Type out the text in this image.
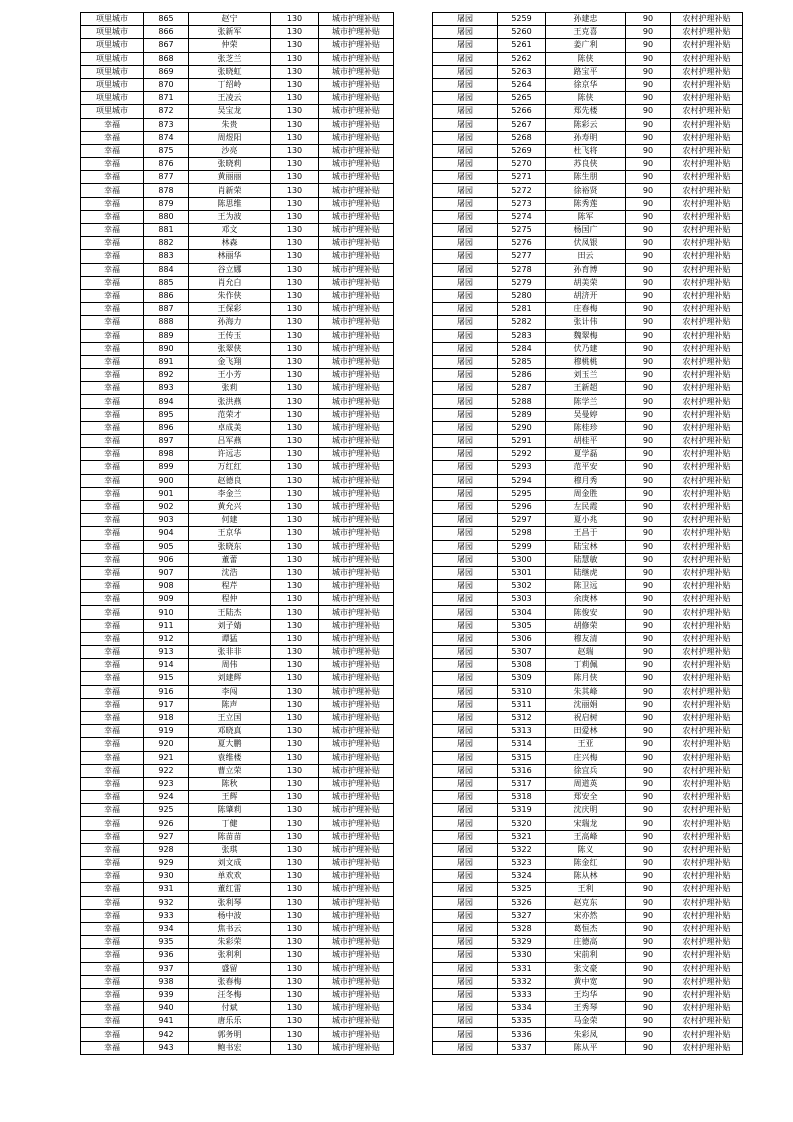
项里城市	865	赵宁	130	城市护理补贴
项里城市	866	张新军	130	城市护理补贴
项里城市	867	仲荣	130	城市护理补贴
项里城市	868	张芝兰	130	城市护理补贴
项里城市	869	张晓虹	130	城市护理补贴
项里城市	870	丁绍岭	130	城市护理补贴
项里城市	871	王凌云	130	城市护理补贴
项里城市	872	吴宝龙	130	城市护理补贴
幸福	873	朱贵	130	城市护理补贴
幸福	874	周煜阳	130	城市护理补贴
幸福	875	沙亮	130	城市护理补贴
幸福	876	张晓莉	130	城市护理补贴
幸福	877	黄丽丽	130	城市护理补贴
幸福	878	肖新荣	130	城市护理补贴
幸福	879	陈思维	130	城市护理补贴
幸福	880	王为波	130	城市护理补贴
幸福	881	邓文	130	城市护理补贴
幸福	882	林森	130	城市护理补贴
幸福	883	林丽华	130	城市护理补贴
幸福	884	谷立娜	130	城市护理补贴
幸福	885	肖允白	130	城市护理补贴
幸福	886	朱作侠	130	城市护理补贴
幸福	887	王保彩	130	城市护理补贴
幸福	888	孙海力	130	城市护理补贴
幸福	889	王传玉	130	城市护理补贴
幸福	890	张翠侠	130	城市护理补贴
幸福	891	金飞翔	130	城市护理补贴
幸福	892	王小芳	130	城市护理补贴
幸福	893	张莉	130	城市护理补贴
幸福	894	张洪燕	130	城市护理补贴
幸福	895	范荣才	130	城市护理补贴
幸福	896	卓成美	130	城市护理补贴
幸福	897	吕军燕	130	城市护理补贴
幸福	898	许远志	130	城市护理补贴
幸福	899	万红红	130	城市护理补贴
幸福	900	赵德良	130	城市护理补贴
幸福	901	李金兰	130	城市护理补贴
幸福	902	黄允兴	130	城市护理补贴
幸福	903	何建	130	城市护理补贴
幸福	904	王京华	130	城市护理补贴
幸福	905	张晓东	130	城市护理补贴
幸福	906	董蕾	130	城市护理补贴
幸福	907	沈浩	130	城市护理补贴
幸福	908	程芹	130	城市护理补贴
幸福	909	程仲	130	城市护理补贴
幸福	910	王陆杰	130	城市护理补贴
幸福	911	刘子婧	130	城市护理补贴
幸福	912	谭猛	130	城市护理补贴
幸福	913	张非非	130	城市护理补贴
幸福	914	周伟	130	城市护理补贴
幸福	915	刘建辉	130	城市护理补贴
幸福	916	李闯	130	城市护理补贴
幸福	917	陈声	130	城市护理补贴
幸福	918	王立国	130	城市护理补贴
幸福	919	邓晓真	130	城市护理补贴
幸福	920	夏大鹏	130	城市护理补贴
幸福	921	袁维楼	130	城市护理补贴
幸福	922	曹立荣	130	城市护理补贴
幸福	923	陈秋	130	城市护理补贴
幸福	924	王辉	130	城市护理补贴
幸福	925	陈肇莉	130	城市护理补贴
幸福	926	丁健	130	城市护理补贴
幸福	927	陈苗苗	130	城市护理补贴
幸福	928	张琪	130	城市护理补贴
幸福	929	刘文成	130	城市护理补贴
幸福	930	单欢欢	130	城市护理补贴
幸福	931	董红雷	130	城市护理补贴
幸福	932	张利琴	130	城市护理补贴
幸福	933	杨中波	130	城市护理补贴
幸福	934	焦书云	130	城市护理补贴
幸福	935	朱彩荣	130	城市护理补贴
幸福	936	张利利	130	城市护理补贴
幸福	937	盛留	130	城市护理补贴
幸福	938	张春梅	130	城市护理补贴
幸福	939	汪冬梅	130	城市护理补贴
幸福	940	付斌	130	城市护理补贴
幸福	941	唐乐乐	130	城市护理补贴
幸福	942	郭务明	130	城市护理补贴
幸福	943	鲍书宏	130	城市护理补贴
屠园	5259	孙建忠	90	农村护理补贴
屠园	5260	王克喜	90	农村护理补贴
屠园	5261	姜广利	90	农村护理补贴
屠园	5262	陈侠	90	农村护理补贴
屠园	5263	路宝平	90	农村护理补贴
屠园	5264	徐京华	90	农村护理补贴
屠园	5265	陈侠	90	农村护理补贴
屠园	5266	郑先楼	90	农村护理补贴
屠园	5267	陈彩云	90	农村护理补贴
屠园	5268	孙寿明	90	农村护理补贴
屠园	5269	杜飞将	90	农村护理补贴
屠园	5270	苏良侠	90	农村护理补贴
屠园	5271	陈生朋	90	农村护理补贴
屠园	5272	徐裕贤	90	农村护理补贴
屠园	5273	陈秀莲	90	农村护理补贴
屠园	5274	陈军	90	农村护理补贴
屠园	5275	杨国广	90	农村护理补贴
屠园	5276	伏凤银	90	农村护理补贴
屠园	5277	田云	90	农村护理补贴
屠园	5278	孙育博	90	农村护理补贴
屠园	5279	胡美荣	90	农村护理补贴
屠园	5280	胡济开	90	农村护理补贴
屠园	5281	庄春梅	90	农村护理补贴
屠园	5282	张计伟	90	农村护理补贴
屠园	5283	魏翠梅	90	农村护理补贴
屠园	5284	伏乃建	90	农村护理补贴
屠园	5285	穆桃桃	90	农村护理补贴
屠园	5286	刘玉兰	90	农村护理补贴
屠园	5287	王新超	90	农村护理补贴
屠园	5288	陈学兰	90	农村护理补贴
屠园	5289	吴曼婷	90	农村护理补贴
屠园	5290	陈桂珍	90	农村护理补贴
屠园	5291	胡桂平	90	农村护理补贴
屠园	5292	夏学磊	90	农村护理补贴
屠园	5293	范平安	90	农村护理补贴
屠园	5294	穆月秀	90	农村护理补贴
屠园	5295	周金胜	90	农村护理补贴
屠园	5296	左民霞	90	农村护理补贴
屠园	5297	夏小兆	90	农村护理补贴
屠园	5298	王昌于	90	农村护理补贴
屠园	5299	陆宝林	90	农村护理补贴
屠园	5300	陆慧敏	90	农村护理补贴
屠园	5301	陆继虎	90	农村护理补贴
屠园	5302	陈卫远	90	农村护理补贴
屠园	5303	余庚林	90	农村护理补贴
屠园	5304	陈俊安	90	农村护理补贴
屠园	5305	胡修荣	90	农村护理补贴
屠园	5306	穆友清	90	农村护理补贴
屠园	5307	赵瑞	90	农村护理补贴
屠园	5308	丁莉佩	90	农村护理补贴
屠园	5309	陈月侠	90	农村护理补贴
屠园	5310	朱其峰	90	农村护理补贴
屠园	5311	沈丽娟	90	农村护理补贴
屠园	5312	祝启树	90	农村护理补贴
屠园	5313	田爱林	90	农村护理补贴
屠园	5314	王亚	90	农村护理补贴
屠园	5315	庄兴梅	90	农村护理补贴
屠园	5316	徐宜兵	90	农村护理补贴
屠园	5317	周道英	90	农村护理补贴
屠园	5318	郑安全	90	农村护理补贴
屠园	5319	沈庆明	90	农村护理补贴
屠园	5320	宋瑞龙	90	农村护理补贴
屠园	5321	王高峰	90	农村护理补贴
屠园	5322	陈义	90	农村护理补贴
屠园	5323	陈金红	90	农村护理补贴
屠园	5324	陈从林	90	农村护理补贴
屠园	5325	王利	90	农村护理补贴
屠园	5326	赵克东	90	农村护理补贴
屠园	5327	宋亦然	90	农村护理补贴
屠园	5328	葛恒杰	90	农村护理补贴
屠园	5329	庄德高	90	农村护理补贴
屠园	5330	宋前利	90	农村护理补贴
屠园	5331	张文豪	90	农村护理补贴
屠园	5332	黄中宽	90	农村护理补贴
屠园	5333	王均华	90	农村护理补贴
屠园	5334	王秀琴	90	农村护理补贴
屠园	5335	马金荣	90	农村护理补贴
屠园	5336	朱彩凤	90	农村护理补贴
屠园	5337	陈从平	90	农村护理补贴
